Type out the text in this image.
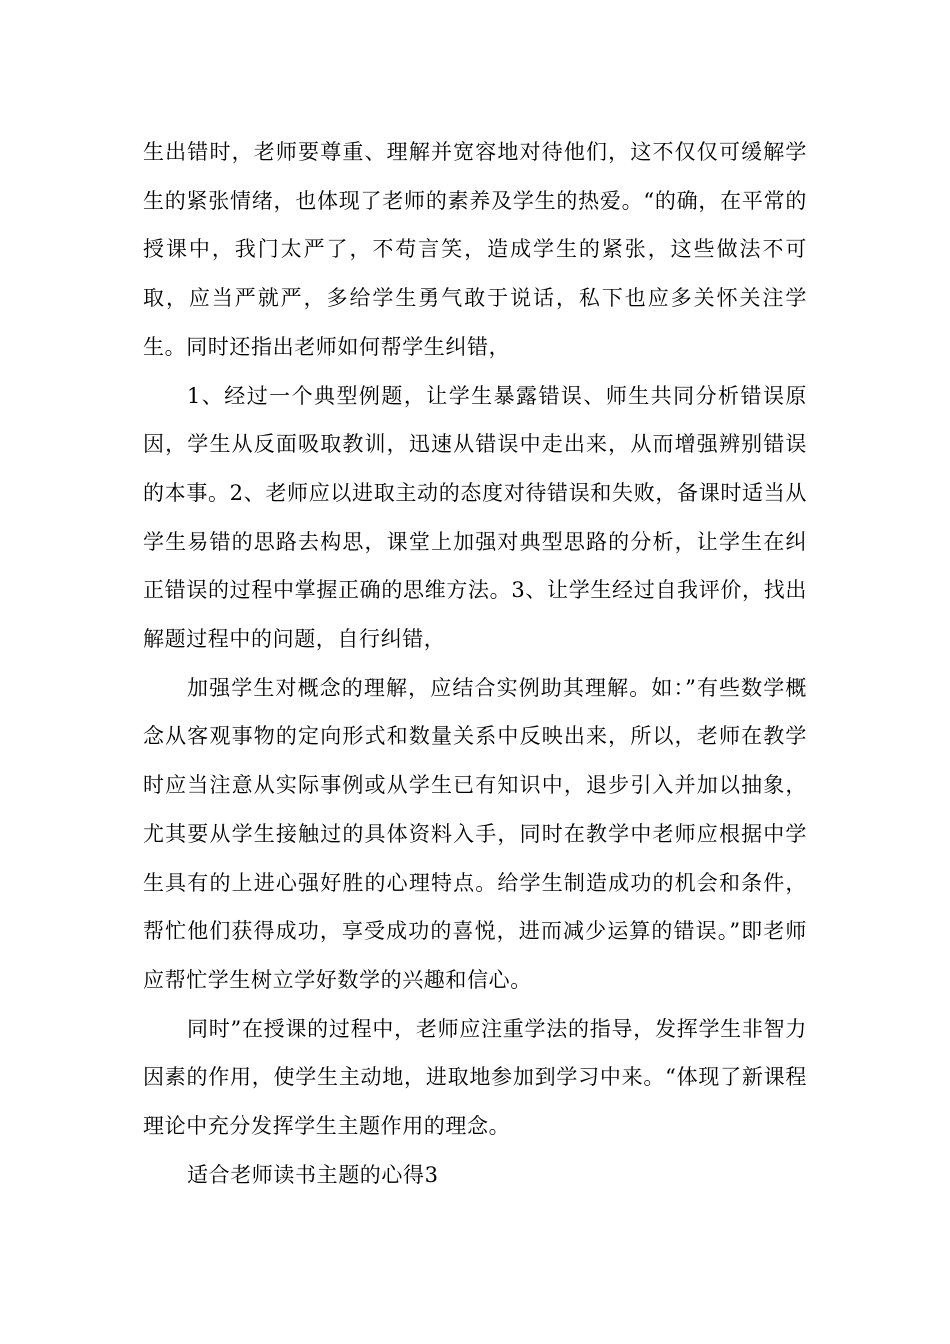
生出错时，老师要尊重、理解并宽容地对待他们，这不仅仅可缓解学生的紧张情绪，也体现了老师的素养及学生的热爱。“的确，在平常的授课中，我门太严了，不苟言笑，造成学生的紧张，这些做法不可取，应当严就严，多给学生勇气敢于说话，私下也应多关怀关注学生。同时还指出老师如何帮学生纠错，

1、经过一个典型例题，让学生暴露错误、师生共同分析错误原因，学生从反面吸取教训，迅速从错误中走出来，从而增强辨别错误的本事。2、老师应以进取主动的态度对待错误和失败，备课时适当从学生易错的思路去构思，课堂上加强对典型思路的分析，让学生在纠正错误的过程中掌握正确的思维方法。3、让学生经过自我评价，找出解题过程中的问题，自行纠错，

加强学生对概念的理解，应结合实例助其理解。如：”有些数学概念从客观事物的定向形式和数量关系中反映出来，所以，老师在教学时应当注意从实际事例或从学生已有知识中，退步引入并加以抽象，尤其要从学生接触过的具体资料入手，同时在教学中老师应根据中学生具有的上进心强好胜的心理特点。给学生制造成功的机会和条件，帮忙他们获得成功，享受成功的喜悦，进而减少运算的错误。”即老师应帮忙学生树立学好数学的兴趣和信心。

同时”在授课的过程中，老师应注重学法的指导，发挥学生非智力因素的作用，使学生主动地，进取地参加到学习中来。“体现了新课程理论中充分发挥学生主题作用的理念。

适合老师读书主题的心得3
